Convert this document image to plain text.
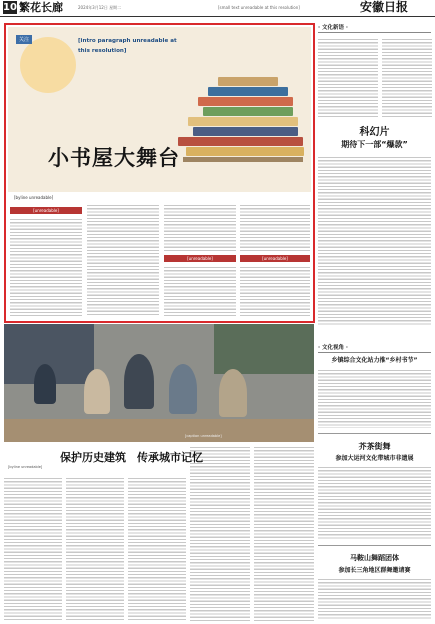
10 繁花长廊	2024年3月12日 星期二	[small text unreadable at this resolution]	安徽日报
关注	[intro paragraph unreadable at this resolution]
小书屋大舞台
[byline unreadable]
[unreadable]
[unreadable]	[unreadable]
[caption unreadable]
保护历史建筑　传承城市记忆
[byline unreadable]
· 文化新语 ·
科幻片
期待下一部“爆款”
· 文化视角 ·
乡镇综合文化站力推“乡村书节”
芥茶街舞
参加大运河文化带城市非遗展
马鞍山舞蹈团体
参加长三角地区群舞邀请赛
